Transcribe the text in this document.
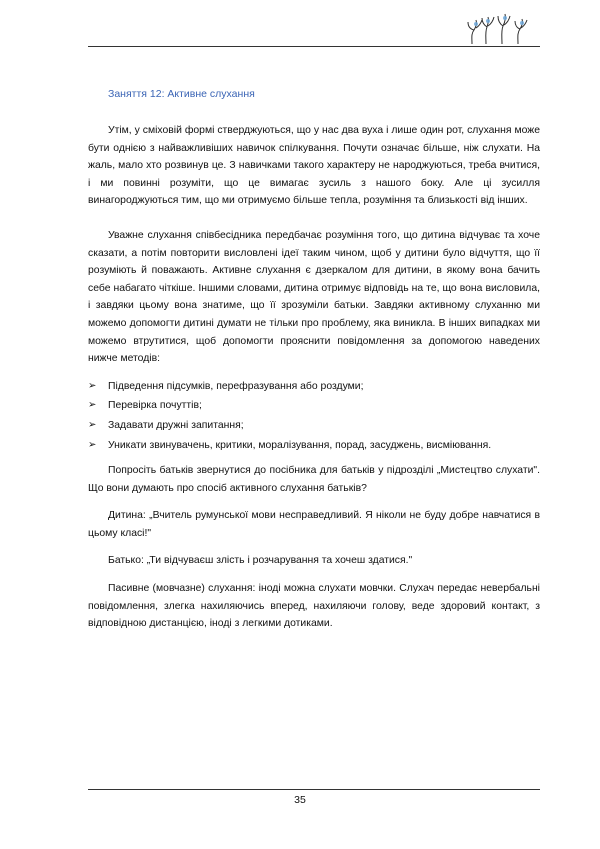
Заняття 12: Активне слухання

Утім, у сміховій формі стверджуються, що у нас два вуха і лише один рот, слухання може бути однією з найважливіших навичок спілкування. Почути означає більше, ніж слухати. На жаль, мало хто розвинув це. З навичками такого характеру не народжуються, треба вчитися, і ми повинні розуміти, що це вимагає зусиль з нашого боку. Але ці зусилля винагороджуються тим, що ми отримуємо більше тепла, розуміння та близькості від інших.

Уважне слухання співбесідника передбачає розуміння того, що дитина відчуває та хоче сказати, а потім повторити висловлені ідеї таким чином, щоб у дитини було відчуття, що її розуміють й поважають. Активне слухання є дзеркалом для дитини, в якому вона бачить себе набагато чіткіше. Іншими словами, дитина отримує відповідь на те, що вона висловила, і завдяки цьому вона знатиме, що її зрозуміли батьки. Завдяки активному слуханню ми можемо допомогти дитині думати не тільки про проблему, яка виникла. В інших випадках ми можемо втрутитися, щоб допомогти прояснити повідомлення за допомогою наведених нижче методів:

➢ Підведення підсумків, перефразування або роздуми;
➢ Перевірка почуттів;
➢ Задавати дружні запитання;
➢ Уникати звинувачень, критики, моралізування, порад, засуджень, висміювання.

Попросіть батьків звернутися до посібника для батьків у підрозділі „Мистецтво слухати". Що вони думають про спосіб активного слухання батьків?

Дитина: „Вчитель румунської мови несправедливий. Я ніколи не буду добре навчатися в цьому класі!"

Батько: „Ти відчуваєш злість і розчарування та хочеш здатися."

Пасивне (мовчазне) слухання: іноді можна слухати мовчки. Слухач передає невербальні повідомлення, злегка нахиляючись вперед, нахиляючи голову, веде здоровий контакт, з відповідною дистанцією, іноді з легкими дотиками.

35
